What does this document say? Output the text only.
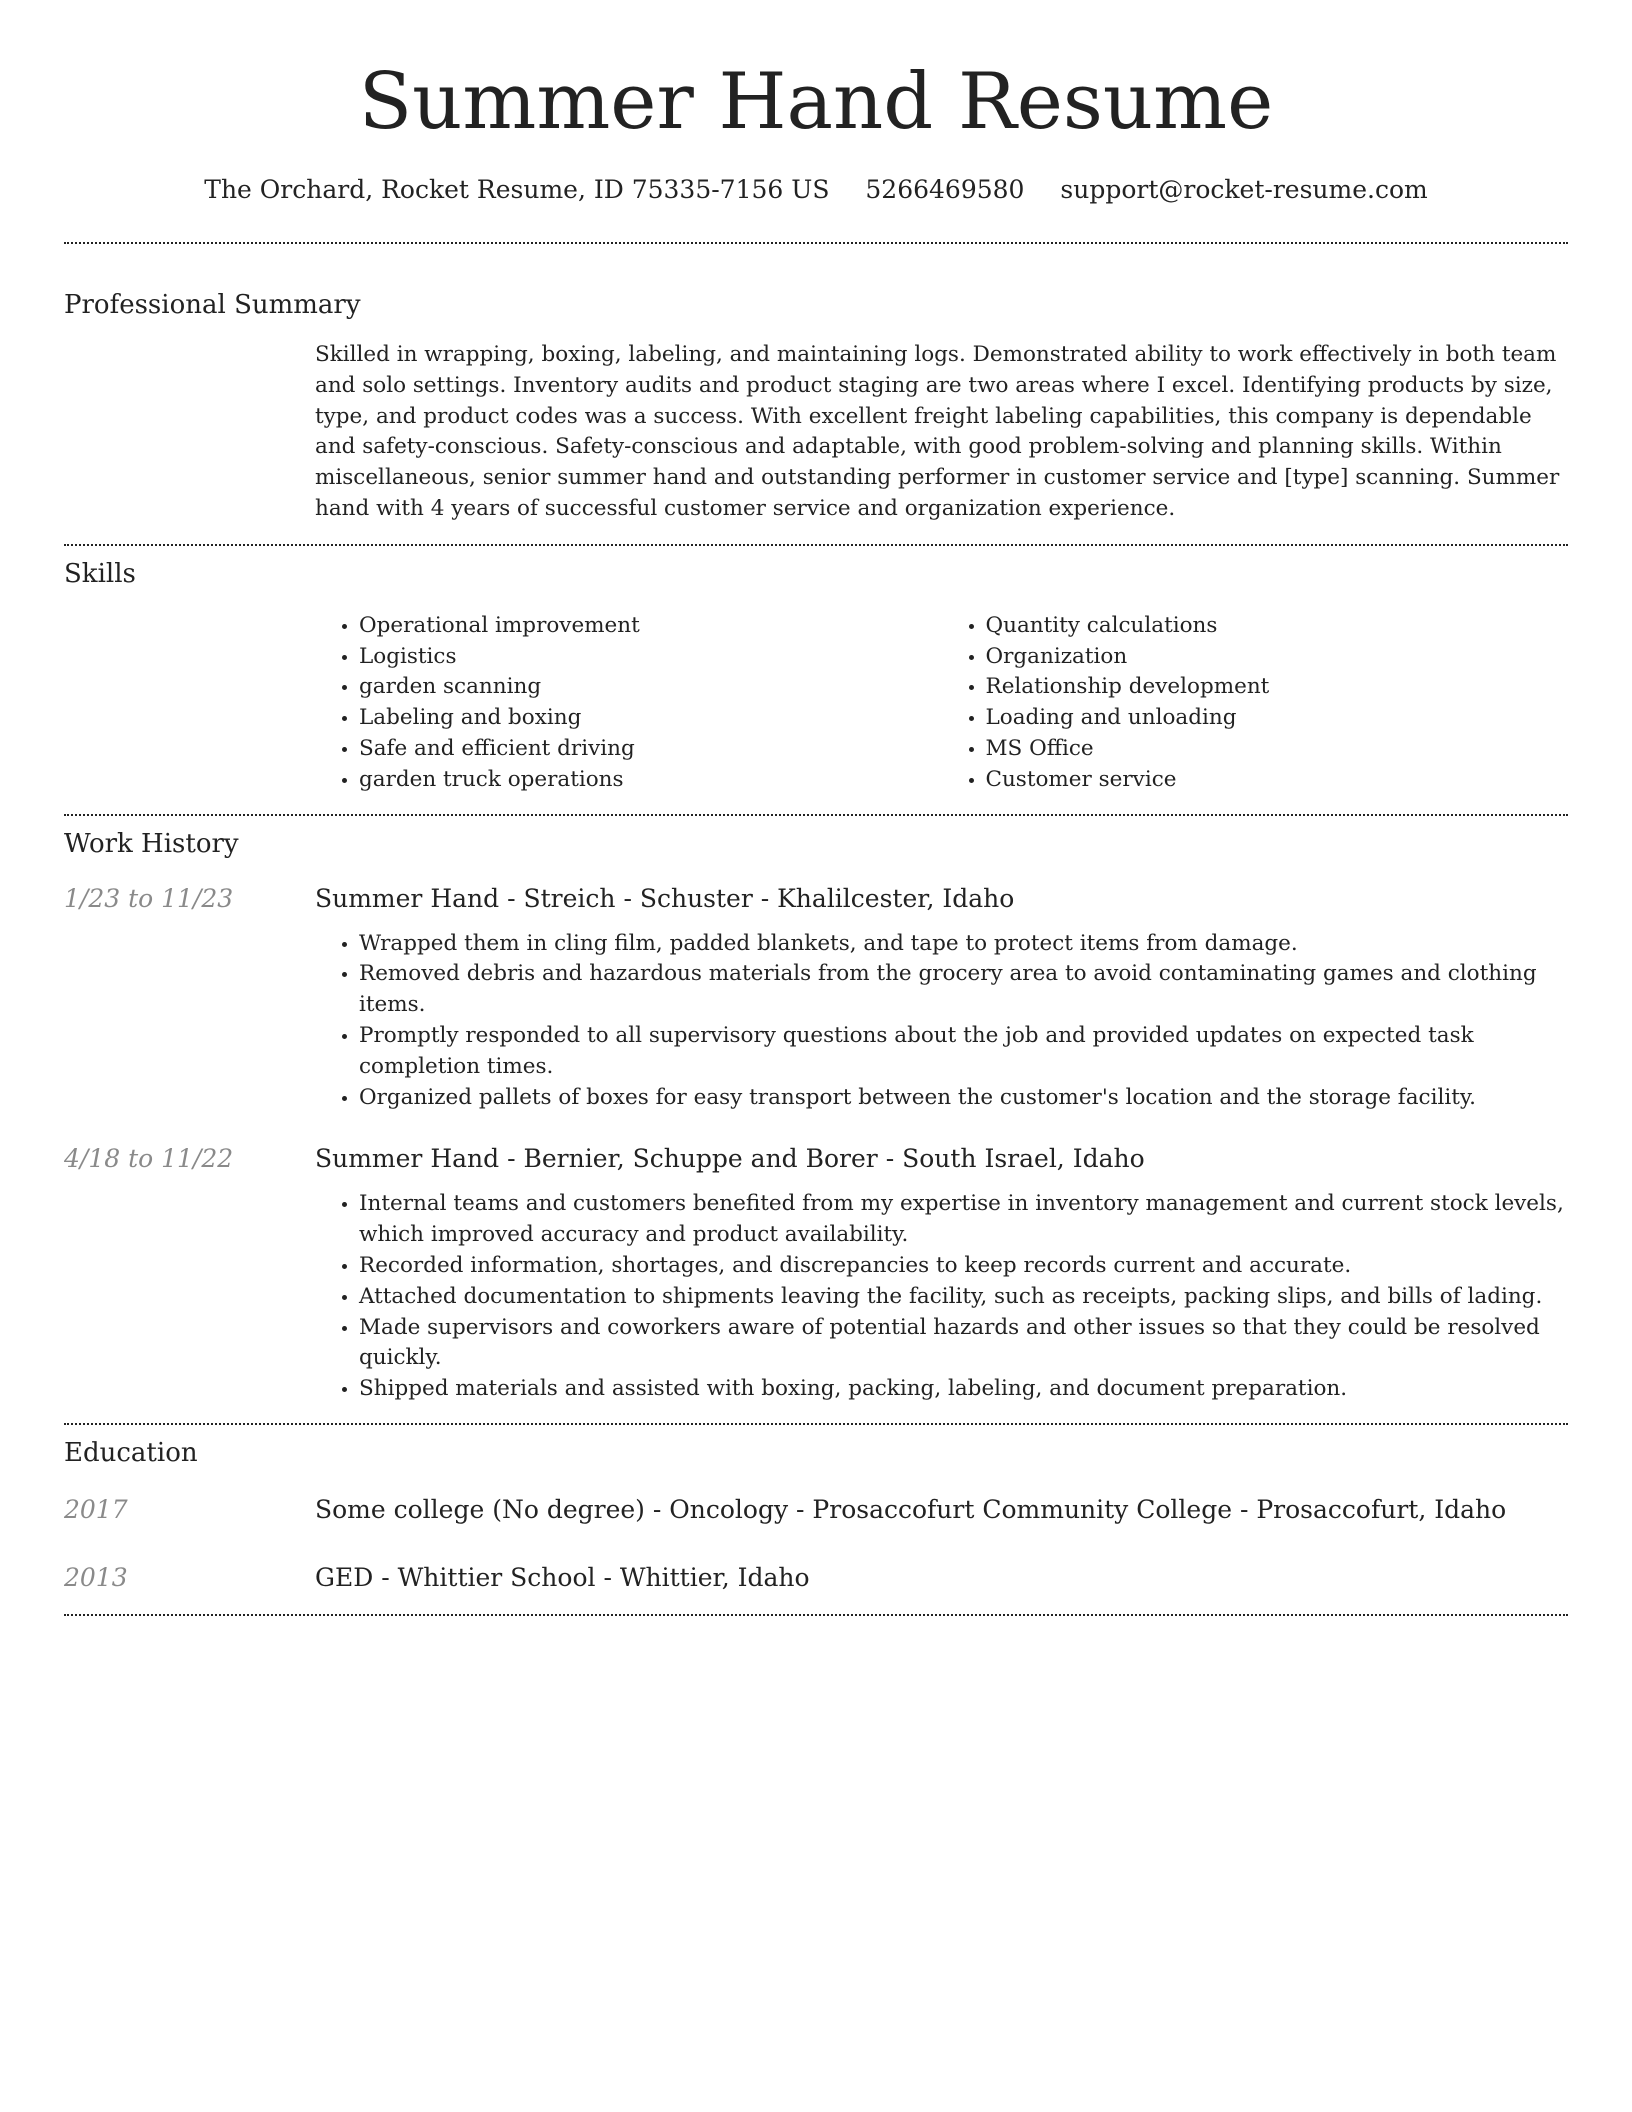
Summer Hand Resume
The Orchard, Rocket Resume, ID 75335-7156 US 5266469580 support@rocket-resume.com
Professional Summary
Skilled in wrapping, boxing, labeling, and maintaining logs. Demonstrated ability to work effectively in both team and solo settings. Inventory audits and product staging are two areas where I excel. Identifying products by size, type, and product codes was a success. With excellent freight labeling capabilities, this company is dependable and safety-conscious. Safety-conscious and adaptable, with good problem-solving and planning skills. Within miscellaneous, senior summer hand and outstanding performer in customer service and [type] scanning. Summer hand with 4 years of successful customer service and organization experience.
Skills
• Operational improvement
• Logistics
• garden scanning
• Labeling and boxing
• Safe and efficient driving
• garden truck operations
• Quantity calculations
• Organization
• Relationship development
• Loading and unloading
• MS Office
• Customer service
Work History
1/23 to 11/23	Summer Hand - Streich - Schuster - Khalilcester, Idaho
• Wrapped them in cling film, padded blankets, and tape to protect items from damage.
• Removed debris and hazardous materials from the grocery area to avoid contaminating games and clothing items.
• Promptly responded to all supervisory questions about the job and provided updates on expected task completion times.
• Organized pallets of boxes for easy transport between the customer's location and the storage facility.
4/18 to 11/22	Summer Hand - Bernier, Schuppe and Borer - South Israel, Idaho
• Internal teams and customers benefited from my expertise in inventory management and current stock levels, which improved accuracy and product availability.
• Recorded information, shortages, and discrepancies to keep records current and accurate.
• Attached documentation to shipments leaving the facility, such as receipts, packing slips, and bills of lading.
• Made supervisors and coworkers aware of potential hazards and other issues so that they could be resolved quickly.
• Shipped materials and assisted with boxing, packing, labeling, and document preparation.
Education
2017	Some college (No degree) - Oncology - Prosaccofurt Community College - Prosaccofurt, Idaho
2013	GED - Whittier School - Whittier, Idaho
